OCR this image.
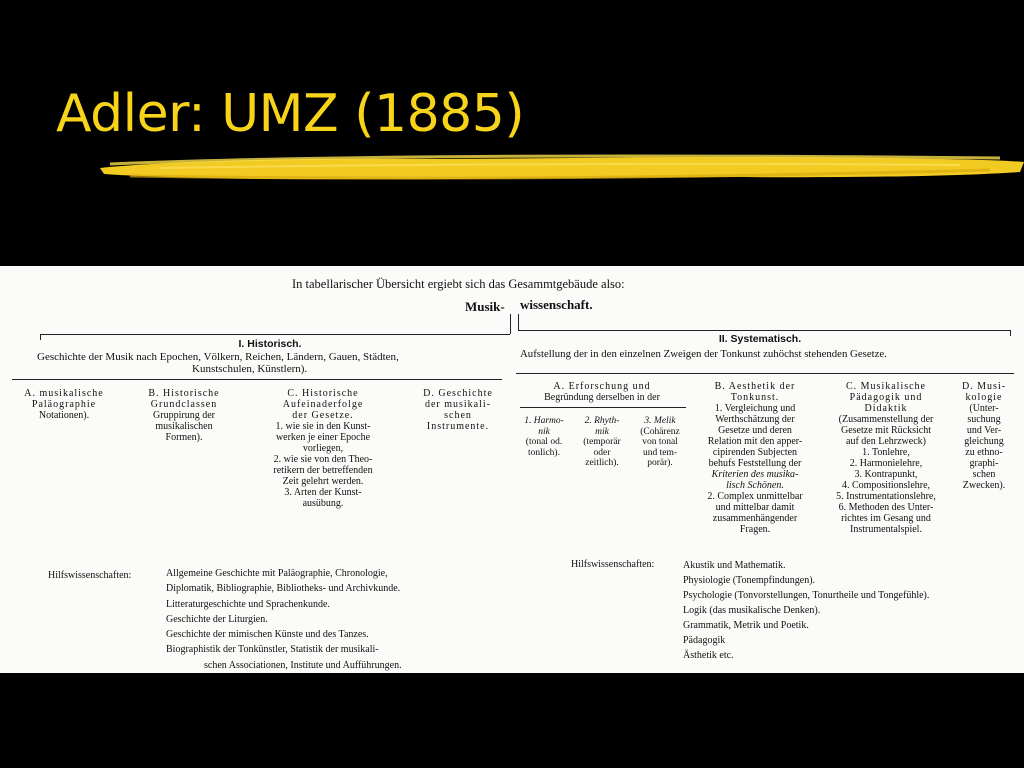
Adler: UMZ (1885)
In tabellarischer Übersicht ergiebt sich das Gesammtgebäude also:
Musik- wissenschaft.
I. Historisch.
Geschichte der Musik nach Epochen, Völkern, Reichen, Ländern, Gauen, Städten,
Kunstschulen, Künstlern).
A. musikalische
Paläographie
Notationen).
B. Historische
Grundclassen
Gruppirung der
musikalischen
Formen).
C. Historische
Aufeinaderfolge
der Gesetze.
1. wie sie in den Kunst-
werken je einer Epoche
vorliegen,
2. wie sie von den Theo-
retikern der betreffenden
Zeit gelehrt werden.
3. Arten der Kunst-
ausübung.
D. Geschichte
der musikali-
schen
Instrumente.
Hilfswissenschaften:	Allgemeine Geschichte mit Paläographie, Chronologie,
Diplomatik, Bibliographie, Bibliotheks- und Archivkunde.
Litteraturgeschichte und Sprachenkunde.
Geschichte der Liturgien.
Geschichte der mimischen Künste und des Tanzes.
Biographistik der Tonkünstler, Statistik der musikali-
schen Associationen, Institute und Aufführungen.
II. Systematisch.
Aufstellung der in den einzelnen Zweigen der Tonkunst zuhöchst stehenden Gesetze.
A. Erforschung und
Begründung derselben in der
1. Harmo-
nik
(tonal od.
tonlich).
2. Rhyth-
mik
(temporär
oder
zeitlich).
3. Melik
(Cohärenz
von tonal
und tem-
porär).
B. Aesthetik der
Tonkunst.
1. Vergleichung und
Werthschätzung der
Gesetze und deren
Relation mit den apper-
cipirenden Subjecten
behufs Feststellung der
Kriterien des musika-
lisch Schönen.
2. Complex unmittelbar
und mittelbar damit
zusammenhängender
Fragen.
C. Musikalische
Pädagogik und
Didaktik
(Zusammenstellung der
Gesetze mit Rücksicht
auf den Lehrzweck)
1. Tonlehre,
2. Harmonielehre,
3. Kontrapunkt,
4. Compositionslehre,
5. Instrumentationslehre,
6. Methoden des Unter-
richtes im Gesang und
Instrumentalspiel.
D. Musi-
kologie
(Unter-
suchung
und Ver-
gleichung
zu ethno-
graphi-
schen
Zwecken).
Hilfswissenschaften:	Akustik und Mathematik.
Physiologie (Tonempfindungen).
Psychologie (Tonvorstellungen, Tonurtheile und Tongefühle).
Logik (das musikalische Denken).
Grammatik, Metrik und Poetik.
Pädagogik
Ästhetik etc.
